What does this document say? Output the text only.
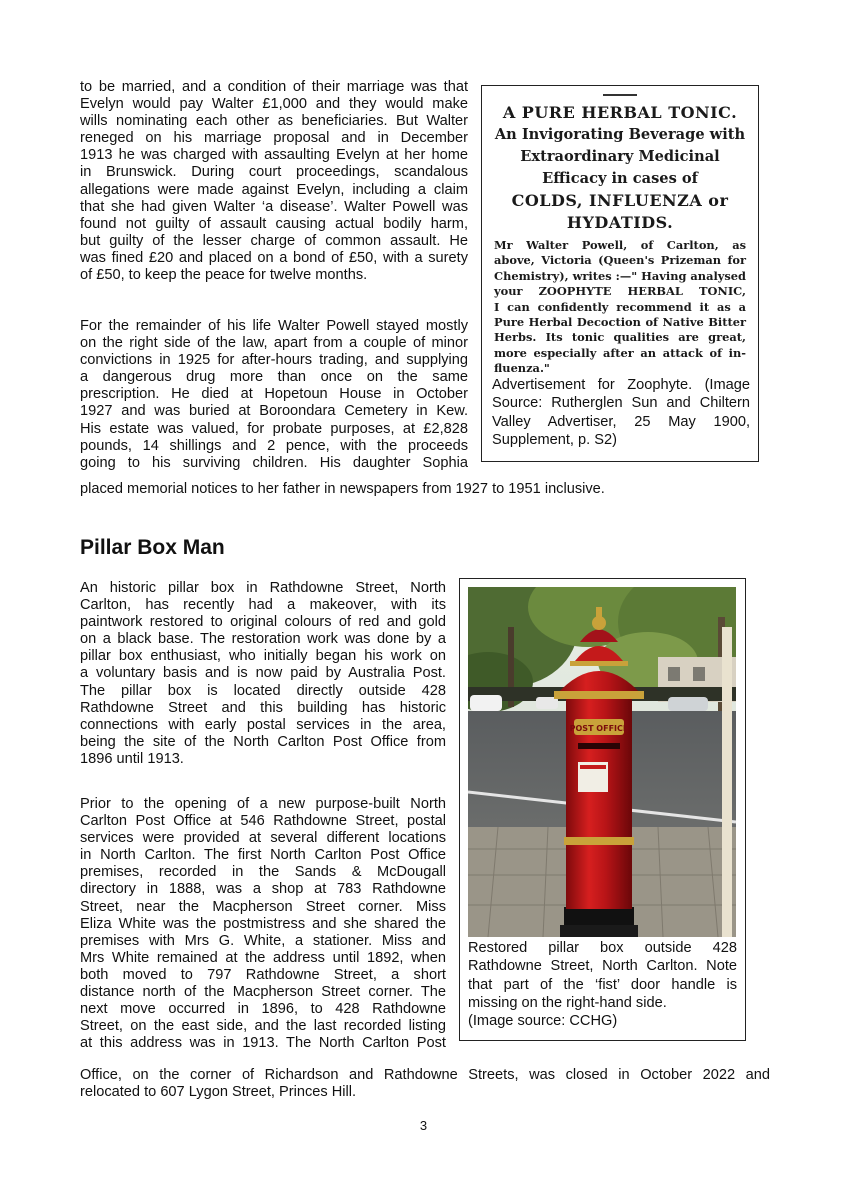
to be married, and a condition of their marriage was that
Evelyn would pay Walter £1,000 and they would make
wills nominating each other as beneficiaries. But Walter
reneged on his marriage proposal and in December
1913 he was charged with assaulting Evelyn at her home
in Brunswick. During court proceedings, scandalous
allegations were made against Evelyn, including a claim
that she had given Walter ‘a disease’. Walter Powell was
found not guilty of assault causing actual bodily harm,
but guilty of the lesser charge of common assault. He
was fined £20 and placed on a bond of £50, with a surety
of £50, to keep the peace for twelve months.
For the remainder of his life Walter Powell stayed mostly
on the right side of the law, apart from a couple of minor
convictions in 1925 for after-hours trading, and supplying
a dangerous drug more than once on the same
prescription. He died at Hopetoun House in October
1927 and was buried at Boroondara Cemetery in Kew.
His estate was valued, for probate purposes, at £2,828
pounds, 14 shillings and 2 pence, with the proceeds
going to his surviving children. His daughter Sophia
placed memorial notices to her father in newspapers from 1927 to 1951 inclusive.
A PURE HERBAL TONIC.
An Invigorating Beverage with
Extraordinary Medicinal
Efficacy in cases of
COLDS, INFLUENZA or
HYDATIDS.
Mr Walter Powell, of Carlton, as
above, Victoria (Queen's Prizeman for
Chemistry), writes :—" Having analysed
your ZOOPHYTE HERBAL TONIC,
I can confidently recommend it as a
Pure Herbal Decoction of Native Bitter
Herbs. Its tonic qualities are great,
more especially after an attack of in-
fluenza."
Advertisement for Zoophyte. (Image
Source: Rutherglen Sun and Chiltern
Valley Advertiser, 25 May 1900,
Supplement, p. S2)
Pillar Box Man
An historic pillar box in Rathdowne Street, North
Carlton, has recently had a makeover, with its
paintwork restored to original colours of red and gold
on a black base. The restoration work was done by a
pillar box enthusiast, who initially began his work on
a voluntary basis and is now paid by Australia Post.
The pillar box is located directly outside 428
Rathdowne Street and this building has historic
connections with early postal services in the area,
being the site of the North Carlton Post Office from
1896 until 1913.
Prior to the opening of a new purpose-built North
Carlton Post Office at 546 Rathdowne Street, postal
services were provided at several different locations
in North Carlton. The first North Carlton Post Office
premises, recorded in the Sands & McDougall
directory in 1888, was a shop at 783 Rathdowne
Street, near the Macpherson Street corner. Miss
Eliza White was the postmistress and she shared the
premises with Mrs G. White, a stationer. Miss and
Mrs White remained at the address until 1892, when
both moved to 797 Rathdowne Street, a short
distance north of the Macpherson Street corner. The
next move occurred in 1896, to 428 Rathdowne
Street, on the east side, and the last recorded listing
at this address was in 1913. The North Carlton Post
Office, on the corner of Richardson and Rathdowne Streets, was closed in October 2022 and
relocated to 607 Lygon Street, Princes Hill.
POST OFFICE
Restored pillar box outside 428
Rathdowne Street, North Carlton. Note
that part of the ‘fist’ door handle is
missing on the right-hand side.
(Image source: CCHG)
3
